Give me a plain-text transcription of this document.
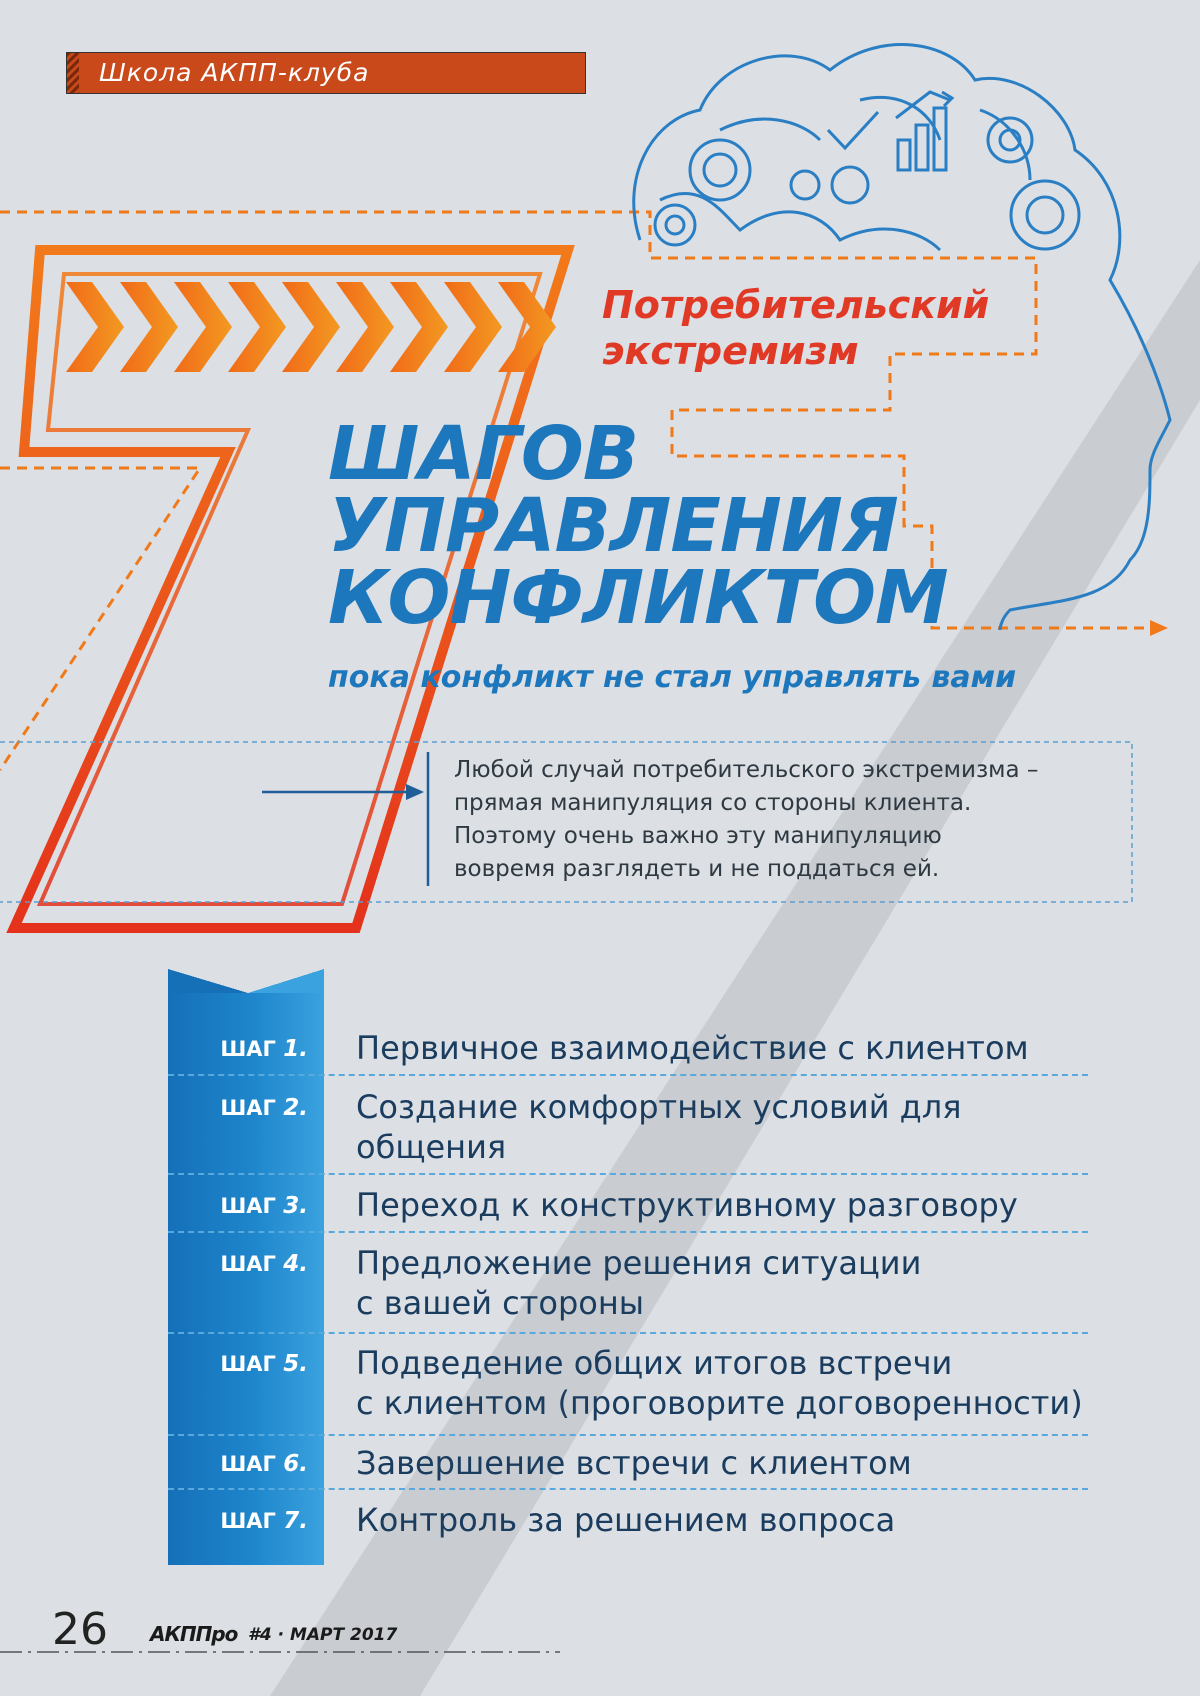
Школа АКПП-клуба
Потребительский
экстремизм
ШАГОВ
УПРАВЛЕНИЯ
КОНФЛИКТОМ
пока конфликт не стал управлять вами
Любой случай потребительского экстремизма –
прямая манипуляция со стороны клиента.
Поэтому очень важно эту манипуляцию
вовремя разглядеть и не поддаться ей.
ШАГ 1. Первичное взаимодействие с клиентом
ШАГ 2. Создание комфортных условий для
общения
ШАГ 3. Переход к конструктивному разговору
ШАГ 4. Предложение решения ситуации
с вашей стороны
ШАГ 5. Подведение общих итогов встречи
с клиентом (проговорите договоренности)
ШАГ 6. Завершение встречи с клиентом
ШАГ 7. Контроль за решением вопроса
26 АКППро #4 · МАРТ 2017
